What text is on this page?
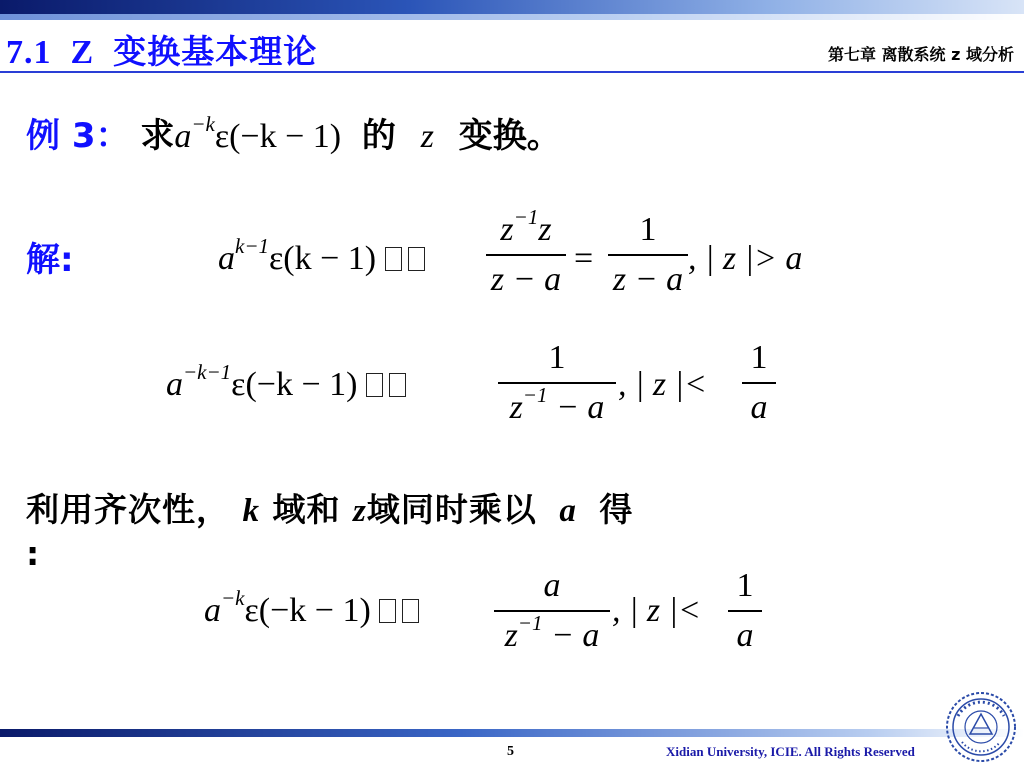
7.1 Z 变换基本理论	第七章 离散系统 z 域分析
例 3： 求$a^{-k}\varepsilon(-k - 1)$ 的 z 变换。
解:	$a^{k-1}\varepsilon(k - 1)$
$z^{-1}z$
z − a
=
1
z − a
, | z |> a
$a^{-k-1}\varepsilon(-k - 1)$
1
$z^{-1} - a$
, | z |<
1
a
利用齐次性， k 域和 z域同时乘以 a 得
:
$a^{-k}\varepsilon(-k - 1)$
a
$z^{-1} - a$
, | z |<
1
a
5	Xidian University, ICIE. All Rights Reserved
